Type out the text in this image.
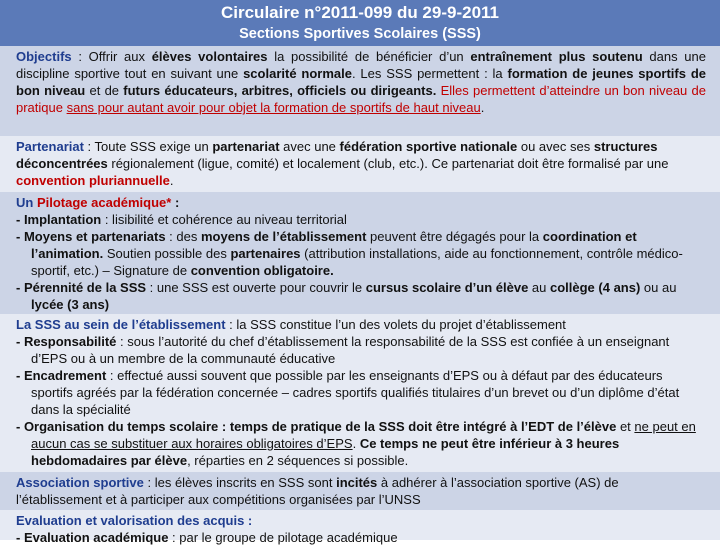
Circulaire n°2011-099 du 29-9-2011
Sections Sportives Scolaires (SSS)

Objectifs : Offrir aux élèves volontaires la possibilité de bénéficier d’un entraînement plus soutenu dans une discipline sportive tout en suivant une scolarité normale. Les SSS permettent : la formation de jeunes sportifs de bon niveau et de futurs éducateurs, arbitres, officiels ou dirigeants. Elles permettent d’atteindre un bon niveau de pratique sans pour autant avoir pour objet la formation de sportifs de haut niveau.

Partenariat : Toute SSS exige un partenariat avec une fédération sportive nationale ou avec ses structures déconcentrées régionalement (ligue, comité) et localement (club, etc.). Ce partenariat doit être formalisé par une convention pluriannuelle.

Un Pilotage académique* :

- Implantation : lisibilité et cohérence au niveau territorial

- Moyens et partenariats : des moyens de l’établissement peuvent être dégagés pour la coordination et l’animation. Soutien possible des partenaires (attribution installations, aide au fonctionnement, contrôle médico-sportif, etc.) – Signature de convention obligatoire.

- Pérennité de la SSS : une SSS est ouverte pour couvrir le cursus scolaire d’un élève au collège (4 ans) ou au lycée (3 ans)

La SSS au sein de l’établissement : la SSS constitue l’un des volets du projet d’établissement

- Responsabilité : sous l’autorité du chef d’établissement la responsabilité de la SSS est confiée à un enseignant d’EPS ou à un membre de la communauté éducative

- Encadrement : effectué aussi souvent que possible par les enseignants d’EPS ou à défaut par des éducateurs sportifs agréés par la fédération concernée – cadres sportifs qualifiés titulaires d’un brevet ou d’un diplôme d’état dans la spécialité

- Organisation du temps scolaire : temps de pratique de la SSS doit être intégré à l’EDT de l’élève et ne peut en aucun cas se substituer aux horaires obligatoires d’EPS. Ce temps ne peut être inférieur à 3 heures hebdomadaires par élève, réparties en 2 séquences si possible.

Association sportive : les élèves inscrits en SSS sont incités à adhérer à l’association sportive (AS) de l’établissement et à participer aux compétitions organisées par l’UNSS

Evaluation et valorisation des acquis :

- Evaluation académique : par le groupe de pilotage académique
